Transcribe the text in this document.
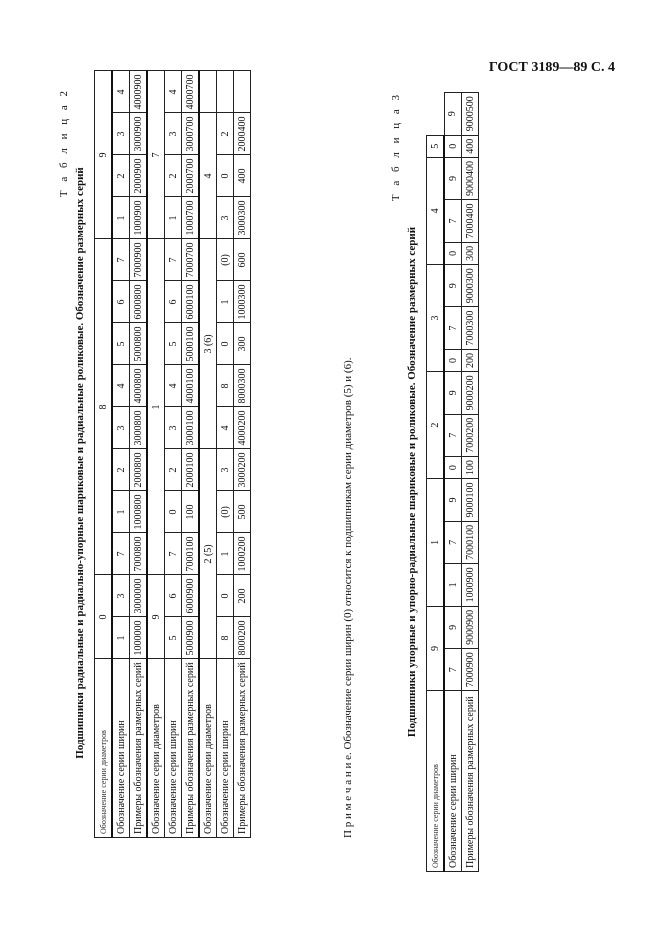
ГОСТ 3189—89 С. 4
Т а б л и ц а 2
Подшипники радиальные и радиально-упорные шариковые и радиальные роликовые. Обозначение размерных серий
Обозначение серии диаметров	0		8								9			
Обозначение серии ширин	1	3	7	1	2	3	4	5	6	7	1	2	3	4
Примеры обозначения размерных серий	1000000	3000000	7000800	1000800	2000800	3000800	4000800	5000800	6000800	7000900	1000900	2000900	3000900	4000900
Обозначение серии диаметров	9		1								7			
Обозначение серии ширин	5	6	7	0	2	3	4	5	6	7	1	2	3	4
Примеры обозначения размерных серий	5000900	6000900	7000100	100	2000100	3000100	4000100	5000100	6000100	7000700	1000700	2000700	3000700	4000700
Обозначение серии диаметров	2 (5)					3 (6)					4			
Обозначение серии ширин	8	0	1	(0)	3	4	8	0	1	(0)	3	0	2	
Примеры обозначения размерных серий	8000200	200	1000200	500	3000200	4000200	8000300	300	1000300	600	3000300	400	2000400	
П р и м е ч а н и е. Обозначение серии ширин (0) относится к подшипникам серии диаметров (5) и (6).
Т а б л и ц а 3
Подшипники упорные и упорно-радиальные шариковые и роликовые. Обозначение размерных серий
Обозначение серии диаметров	9		1			2			3			4			5	
Обозначение серии ширин	7	9	1	7	9	0	7	9	0	7	9	0	7	9	0	9
Примеры обозначения размерных серий	7000900	9000900	1000900	7000100	9000100	100	7000200	9000200	200	7000300	9000300	300	7000400	9000400	400	9000500
